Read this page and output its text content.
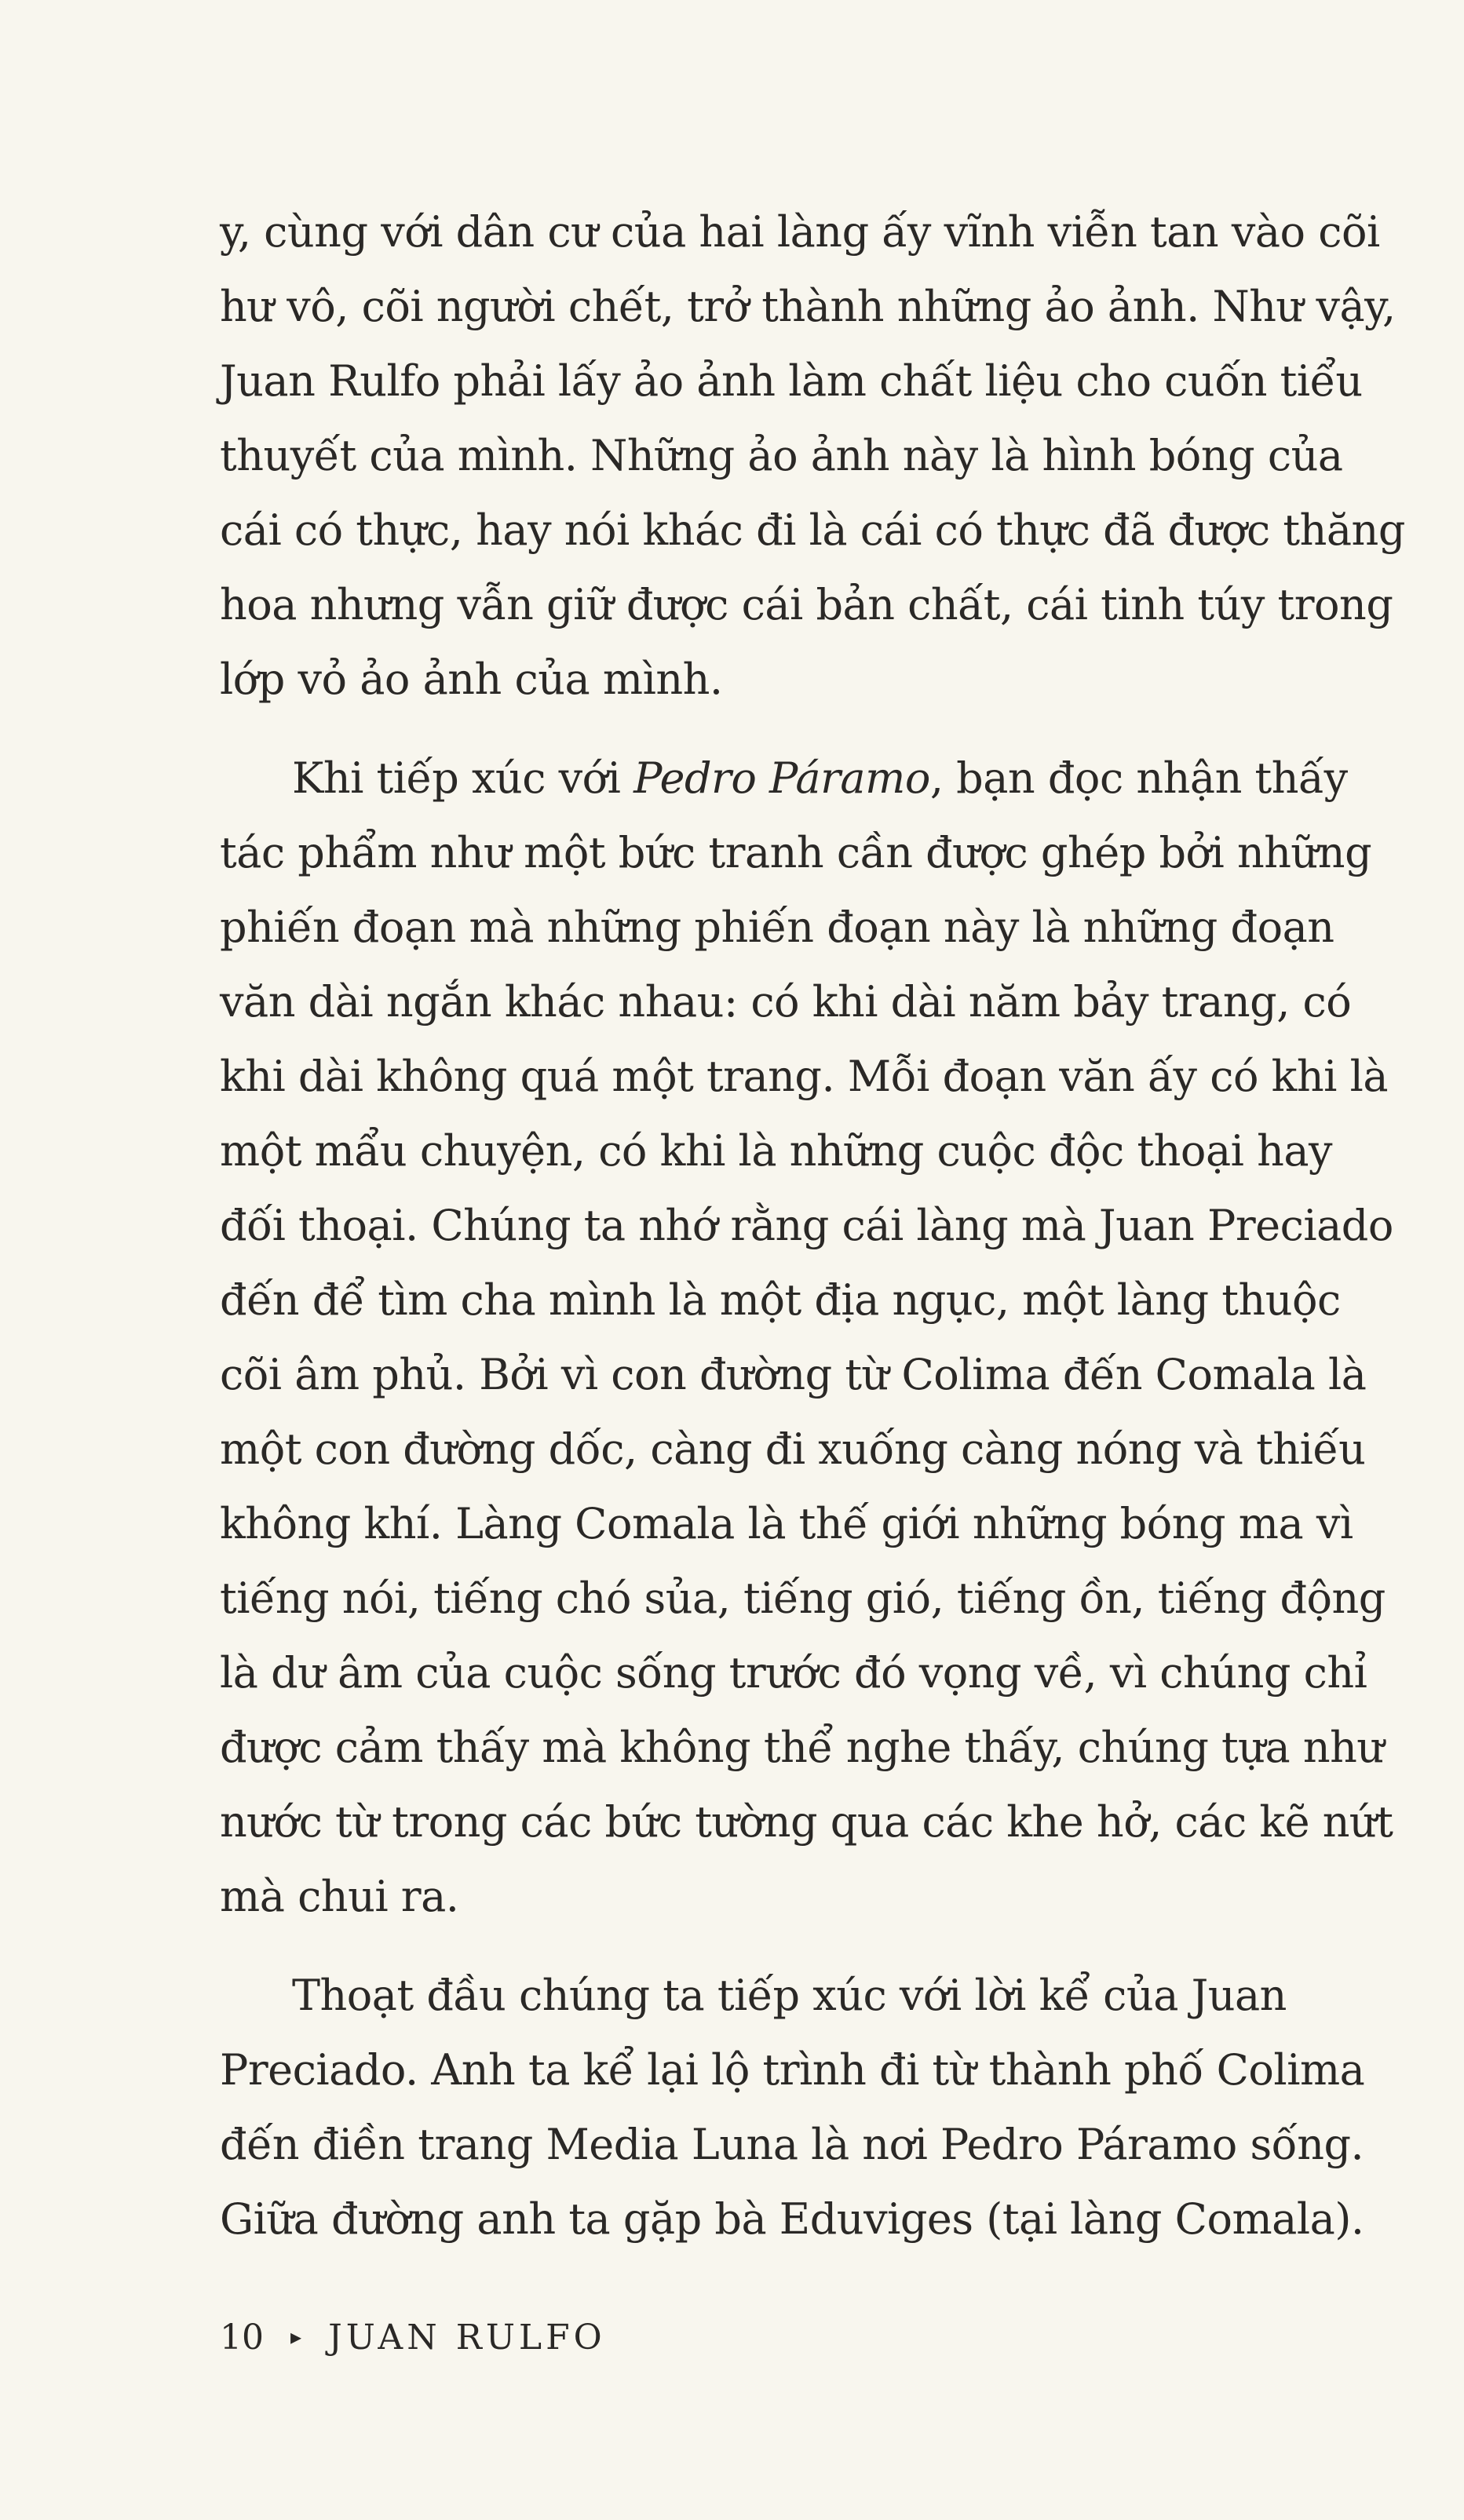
y, cùng với dân cư của hai làng ấy vĩnh viễn tan vào cõi
hư vô, cõi người chết, trở thành những ảo ảnh. Như vậy,
Juan Rulfo phải lấy ảo ảnh làm chất liệu cho cuốn tiểu
thuyết của mình. Những ảo ảnh này là hình bóng của
cái có thực, hay nói khác đi là cái có thực đã được thăng
hoa nhưng vẫn giữ được cái bản chất, cái tinh túy trong
lớp vỏ ảo ảnh của mình.
Khi tiếp xúc với Pedro Páramo, bạn đọc nhận thấy
tác phẩm như một bức tranh cần được ghép bởi những
phiến đoạn mà những phiến đoạn này là những đoạn
văn dài ngắn khác nhau: có khi dài năm bảy trang, có
khi dài không quá một trang. Mỗi đoạn văn ấy có khi là
một mẩu chuyện, có khi là những cuộc độc thoại hay
đối thoại. Chúng ta nhớ rằng cái làng mà Juan Preciado
đến để tìm cha mình là một địa ngục, một làng thuộc
cõi âm phủ. Bởi vì con đường từ Colima đến Comala là
một con đường dốc, càng đi xuống càng nóng và thiếu
không khí. Làng Comala là thế giới những bóng ma vì
tiếng nói, tiếng chó sủa, tiếng gió, tiếng ồn, tiếng động
là dư âm của cuộc sống trước đó vọng về, vì chúng chỉ
được cảm thấy mà không thể nghe thấy, chúng tựa như
nước từ trong các bức tường qua các khe hở, các kẽ nứt
mà chui ra.
Thoạt đầu chúng ta tiếp xúc với lời kể của Juan
Preciado. Anh ta kể lại lộ trình đi từ thành phố Colima
đến điền trang Media Luna là nơi Pedro Páramo sống.
Giữa đường anh ta gặp bà Eduviges (tại làng Comala).
10 ▸ JUAN RULFO
